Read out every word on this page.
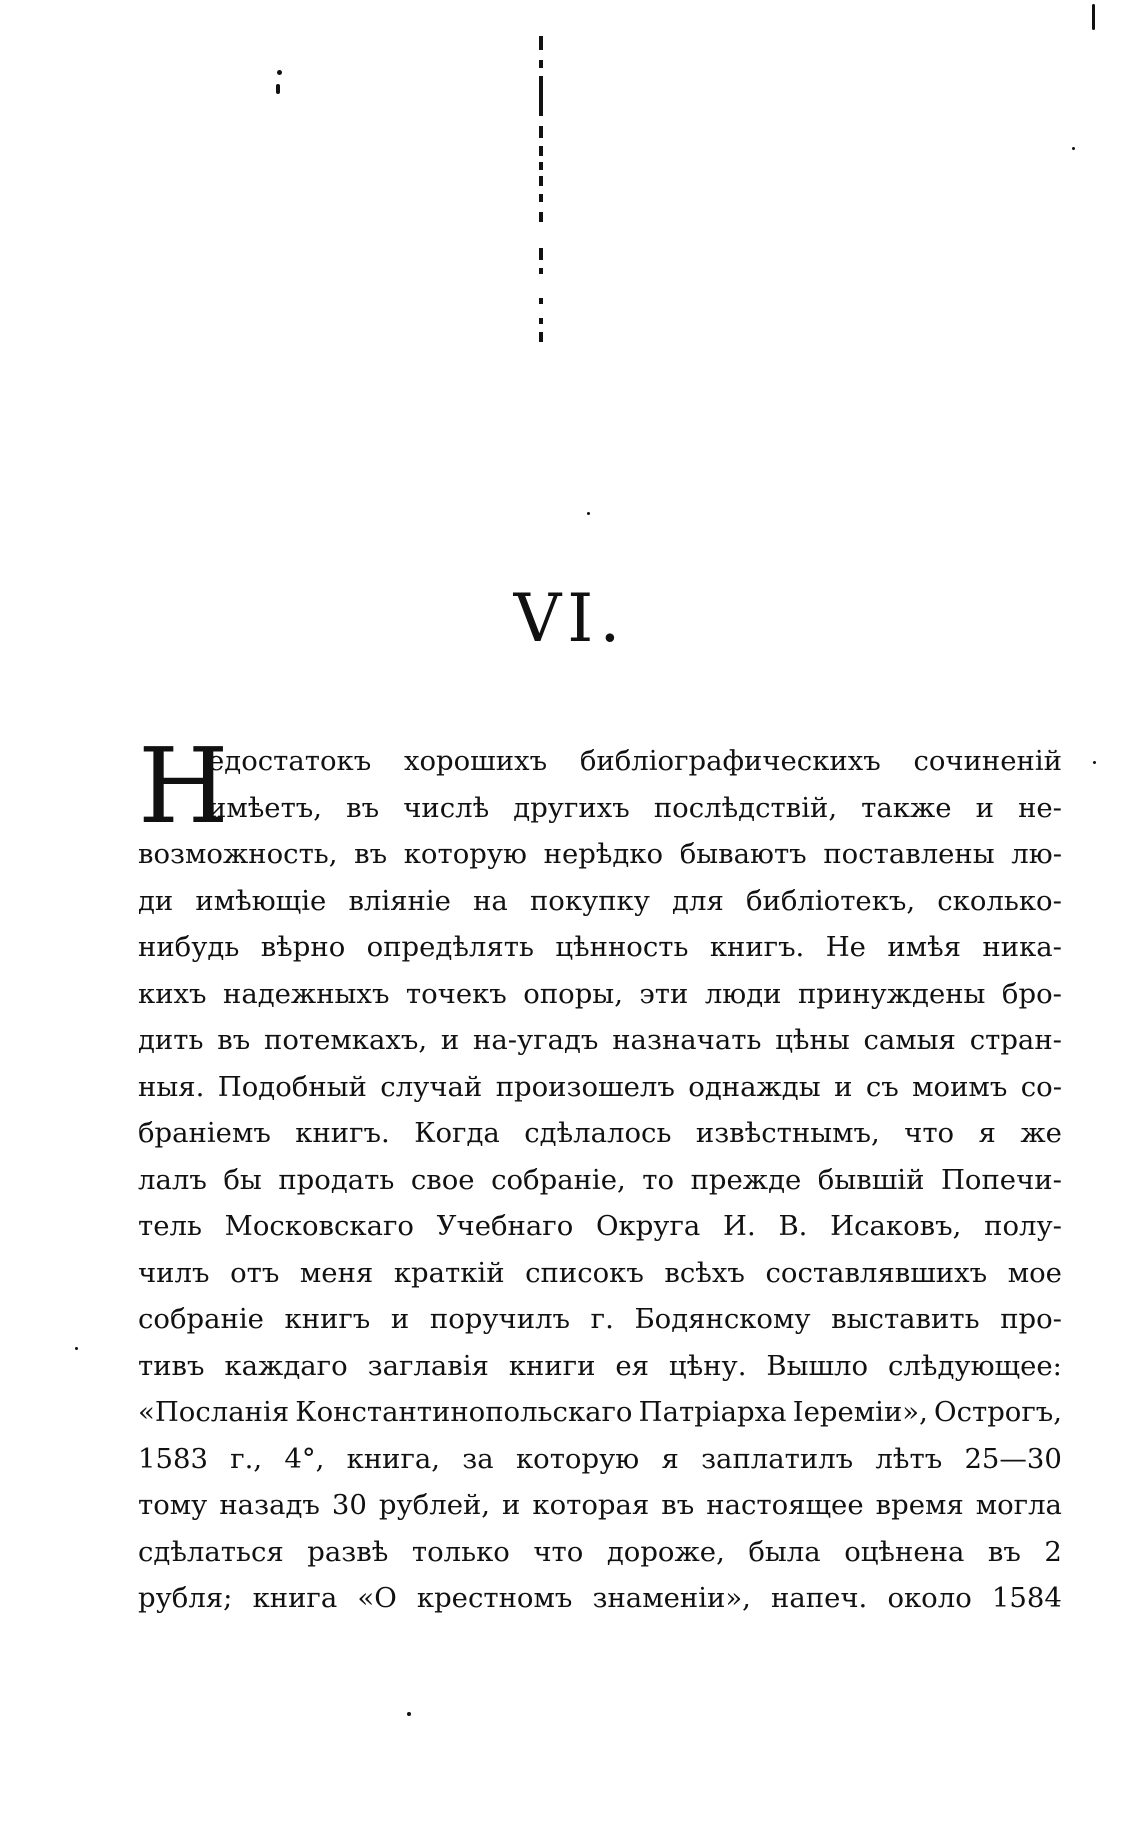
VI.
Н
едостатокъ хорошихъ библіографическихъ сочиненій
имѣетъ, въ числѣ другихъ послѣдствій, также и не-
возможность, въ которую нерѣдко бываютъ поставлены лю-
ди имѣющіе вліяніе на покупку для библіотекъ, сколько-
нибудь вѣрно опредѣлять цѣнность книгъ. Не имѣя ника-
кихъ надежныхъ точекъ опоры, эти люди принуждены бро-
дить въ потемкахъ, и на-угадъ назначать цѣны самыя стран-
ныя. Подобный случай произошелъ однажды и съ моимъ со-
браніемъ книгъ. Когда сдѣлалось извѣстнымъ, что я же
лалъ бы продать свое собраніе, то прежде бывшій Попечи-
тель Московскаго Учебнаго Округа И. В. Исаковъ, полу-
чилъ отъ меня краткій списокъ всѣхъ составлявшихъ мое
собраніе книгъ и поручилъ г. Бодянскому выставить про-
тивъ каждаго заглавія книги ея цѣну. Вышло слѣдующее:
«Посланія Константинопольскаго Патріарха Іереміи», Острогъ,
1583 г., 4°, книга, за которую я заплатилъ лѣтъ 25—30
тому назадъ 30 рублей, и которая въ настоящее время могла
сдѣлаться развѣ только что дороже, была оцѣнена въ 2
рубля; книга «О крестномъ знаменіи», напеч. около 1584
